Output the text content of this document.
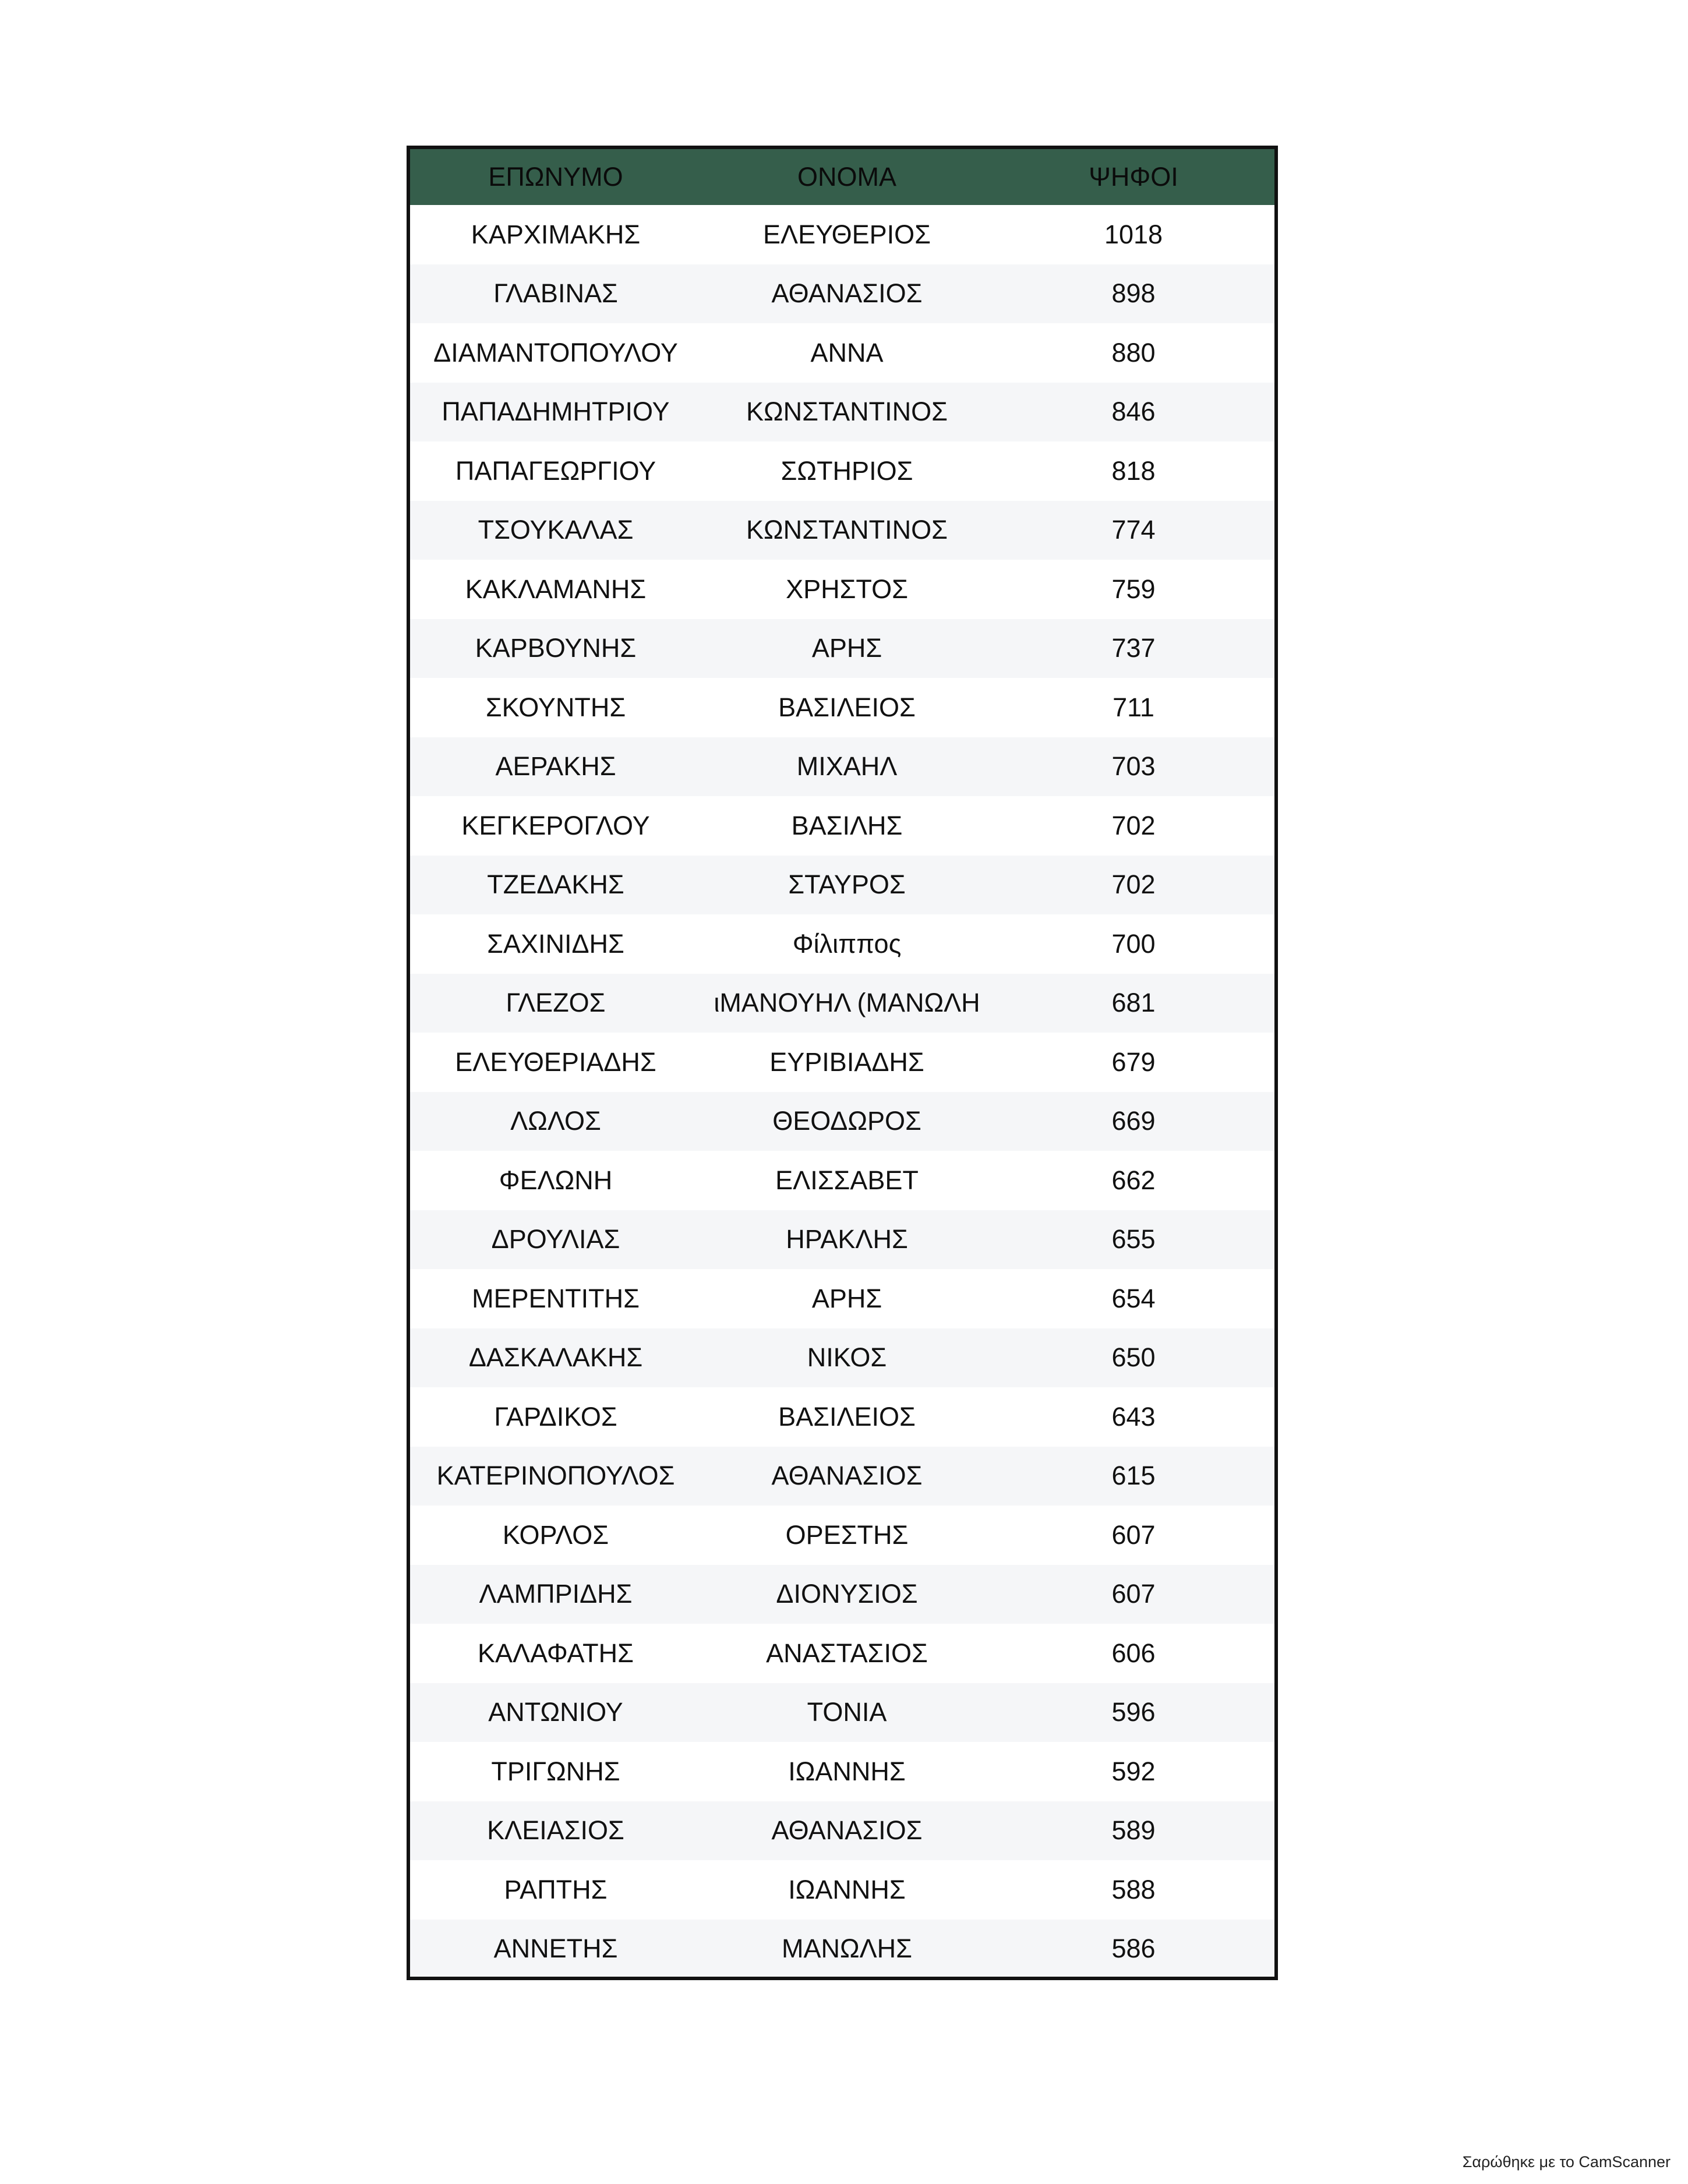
ΕΠΩΝΥΜΟ	ΟΝΟΜΑ	ΨΗΦΟΙ
ΚΑΡΧΙΜΑΚΗΣ	ΕΛΕΥΘΕΡΙΟΣ	1018
ΓΛΑΒΙΝΑΣ	ΑΘΑΝΑΣΙΟΣ	898
ΔΙΑΜΑΝΤΟΠΟΥΛΟΥ	ΑΝΝΑ	880
ΠΑΠΑΔΗΜΗΤΡΙΟΥ	ΚΩΝΣΤΑΝΤΙΝΟΣ	846
ΠΑΠΑΓΕΩΡΓΙΟΥ	ΣΩΤΗΡΙΟΣ	818
ΤΣΟΥΚΑΛΑΣ	ΚΩΝΣΤΑΝΤΙΝΟΣ	774
ΚΑΚΛΑΜΑΝΗΣ	ΧΡΗΣΤΟΣ	759
ΚΑΡΒΟΥΝΗΣ	ΑΡΗΣ	737
ΣΚΟΥΝΤΗΣ	ΒΑΣΙΛΕΙΟΣ	711
ΑΕΡΑΚΗΣ	ΜΙΧΑΗΛ	703
ΚΕΓΚΕΡΟΓΛΟΥ	ΒΑΣΙΛΗΣ	702
ΤΖΕΔΑΚΗΣ	ΣΤΑΥΡΟΣ	702
ΣΑΧΙΝΙΔΗΣ	Φίλιππος	700
ΓΛΕΖΟΣ	ιΜΑΝΟΥΗΛ (ΜΑΝΩΛΗ	681
ΕΛΕΥΘΕΡΙΑΔΗΣ	ΕΥΡΙΒΙΑΔΗΣ	679
ΛΩΛΟΣ	ΘΕΟΔΩΡΟΣ	669
ΦΕΛΩΝΗ	ΕΛΙΣΣΑΒΕΤ	662
ΔΡΟΥΛΙΑΣ	ΗΡΑΚΛΗΣ	655
ΜΕΡΕΝΤΙΤΗΣ	ΑΡΗΣ	654
ΔΑΣΚΑΛΑΚΗΣ	ΝΙΚΟΣ	650
ΓΑΡΔΙΚΟΣ	ΒΑΣΙΛΕΙΟΣ	643
ΚΑΤΕΡΙΝΟΠΟΥΛΟΣ	ΑΘΑΝΑΣΙΟΣ	615
ΚΟΡΛΟΣ	ΟΡΕΣΤΗΣ	607
ΛΑΜΠΡΙΔΗΣ	ΔΙΟΝΥΣΙΟΣ	607
ΚΑΛΑΦΑΤΗΣ	ΑΝΑΣΤΑΣΙΟΣ	606
ΑΝΤΩΝΙΟΥ	ΤΟΝΙΑ	596
ΤΡΙΓΩΝΗΣ	ΙΩΑΝΝΗΣ	592
ΚΛΕΙΑΣΙΟΣ	ΑΘΑΝΑΣΙΟΣ	589
ΡΑΠΤΗΣ	ΙΩΑΝΝΗΣ	588
ΑΝΝΕΤΗΣ	ΜΑΝΩΛΗΣ	586
Σαρώθηκε με το CamScanner
